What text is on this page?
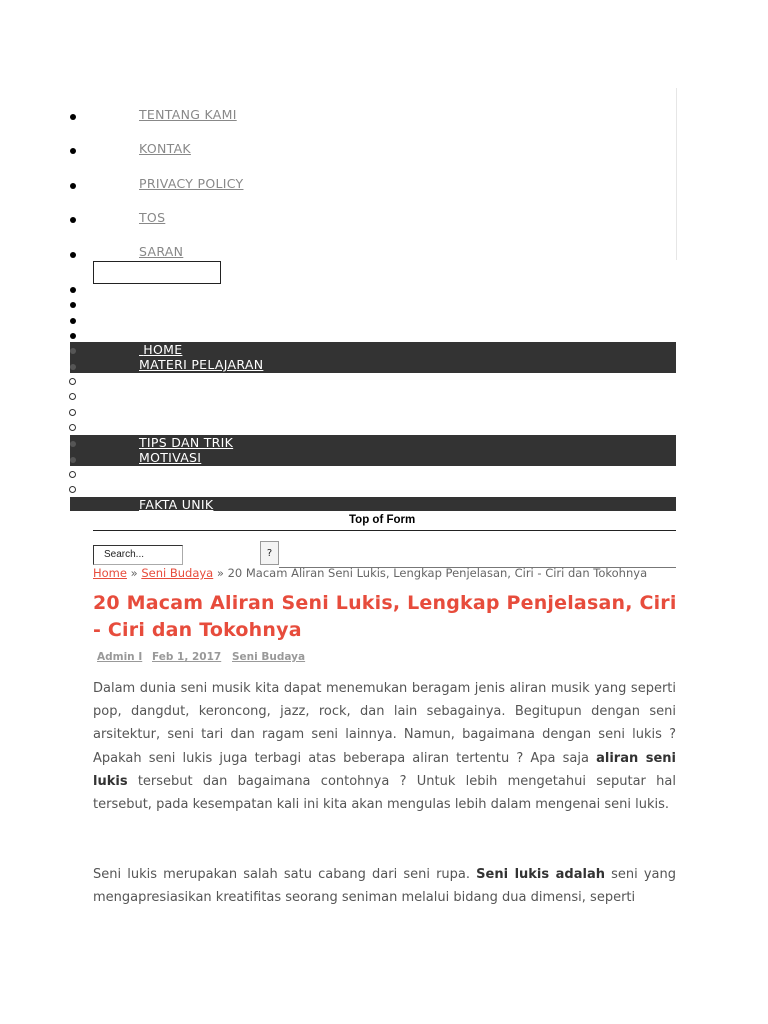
TENTANG KAMI
KONTAK
PRIVACY POLICY
TOS
SARAN
HOME
MATERI PELAJARAN
TIPS DAN TRIK
MOTIVASI
FAKTA UNIK
Top of Form
Search...	?
Home » Seni Budaya » 20 Macam Aliran Seni Lukis, Lengkap Penjelasan, Ciri - Ciri dan Tokohnya
20 Macam Aliran Seni Lukis, Lengkap Penjelasan, Ciri - Ciri dan Tokohnya
Admin I Feb 1, 2017 Seni Budaya

Dalam dunia seni musik kita dapat menemukan beragam jenis aliran musik yang seperti pop, dangdut, keroncong, jazz, rock, dan lain sebagainya. Begitupun dengan seni arsitektur, seni tari dan ragam seni lainnya. Namun, bagaimana dengan seni lukis ? Apakah seni lukis juga terbagi atas beberapa aliran tertentu ? Apa saja aliran seni lukis tersebut dan bagaimana contohnya ? Untuk lebih mengetahui seputar hal tersebut, pada kesempatan kali ini kita akan mengulas lebih dalam mengenai seni lukis.

Seni lukis merupakan salah satu cabang dari seni rupa. Seni lukis adalah seni yang mengapresiasikan kreatifitas seorang seniman melalui bidang dua dimensi, seperti
